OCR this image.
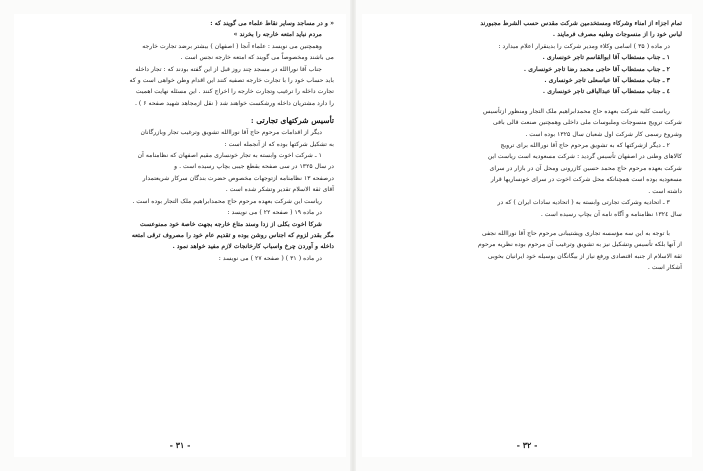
« و در مساجد وسایر نقاط علماء می گویند که :

مردم نباید امتعه خارجه را بخرند »

وهمچنین می نویسد : علماء آنجا ( اصفهان ) بیشتر برضد تجارت خارجه

می باشند ومخصوصاً می گویند که امتعه خارجه نجس است .

جناب آقا نوراالله در مسجد چند روز قبل از این گفته بودند که : تجار داخله

باید حساب خود را با تجارت خارجه تصفیه کنند این اقدام وطن خواهی است و که

تجارت داخله را ترغیب وتجارت خارجه را اخراج کنند . این مسئله نهایت اهمیت

را دارد مشتریان داخله ورشکست خواهند شد ( نقل ازمجاهد شهید صفحه ۶ ) .

تأسیس شرکتهای تجارتی :

دیگر از اقدامات مرحوم حاج آقا نوراالله تشویق وترغیب تجار وبازرگانان

به تشکیل شرکتها بوده که از آنجمله است :

۱ ـ شرکت اخوت وابسته به تجار خونساری مقیم اصفهان که نظامنامه آن

در سال ۱۳۲۵ در سی صفحه بقطع جیبی بچاپ رسیده است . و

درصفحه ۱۳ نظامنامه ازتوجهات مخصوص حضرت بندگان سرکار شریعتمدار

آقای ثقة الاسلام تقدیر وتشکر شده است .

ریاست این شرکت بعهده مرحوم حاج محمدابراهیم ملک التجار بوده است .

در ماده ۱۹ ( صفحه ۲۲ ) می نویسد :

شرکا اخوت بکلی از زدا وسند متاع خارجه بجهت خاصة خود ممنوعست

مگر بقدر لزوم که اجناس روشن بوده و تقدیم عام خود را مصروف ترقی امتعه

داخله و آوردن چرخ واسباب کارخانجات لازم مفید خواهد نمود .

در ماده ( ۳۱ ) ( صفحه ۲۷ ) می نویسد :

- ۳۱ -

تمام اجزاء از امناء وشرکاء ومستخدمین شرکت مقدس حسب الشرط مجبورند

لباس خود را از منسوجات وطنیه مصرف فرمایند .

در ماده ( ۳۵ ) اسامی وکلاء ومدیر شرکت را بدینقرار اعلام میدارد :

۱ ـ جناب مستطاب آقا ابوالقاسم تاجر خونساری .

۲ ـ جناب مستطاب آقا حاجی محمد رضا تاجر خونساری .

۳ ـ جناب مستطاب آقا عباسعلی تاجر خونساری .

٤ ـ جناب مستطاب آقا عبدالباقی تاجر خونساری .

ریاست کلیه شرکت بعهده حاج محمدابراهیم ملک التجار ومنظور ازتأسیس

شرکت ترویج منسوجات وملبوسات ملی داخلی وهمچنین صنعت قالی بافی

وشروع رسمی کار شرکت اول شعبان سال ۱۳۲۵ بوده است .

۲ ـ دیگر ازشرکتها که به تشویق مرحوم حاج آقا نوراالله برای ترویج

کالاهای وطنی در اصفهان تأسیس گردید : شرکت مسعودیه است ریاست این

شرکت بعهده مرحوم حاج محمد حسین کازرونی ومحل آن در بازار در سرای

مسعودیه بوده است همچنانکه محل شرکت اخوت در سرای خونساریها قرار

داشته است .

۳ ـ اتحادیه وشرکت تجارتی وابسته به ( اتحادیه سادات ایران ) که در

سال ۱۳۲٤ نظامنامه و آگاه نامه آن بچاپ رسیده است .

با توجه به این سه مؤسسه تجاری وپشتیبانی مرحوم حاج آقا نوراالله نجفی

از آنها بلکه تأسیس وتشکیل نیز به تشویق وترغیب آن مرحوم بوده نظریه مرحوم

ثقة الاسلام از جنبه اقتصادی ورفع نیاز از بیگانگان بوسیله خود ایرانیان بخوبی

آشکار است .

- ۳۲ -
